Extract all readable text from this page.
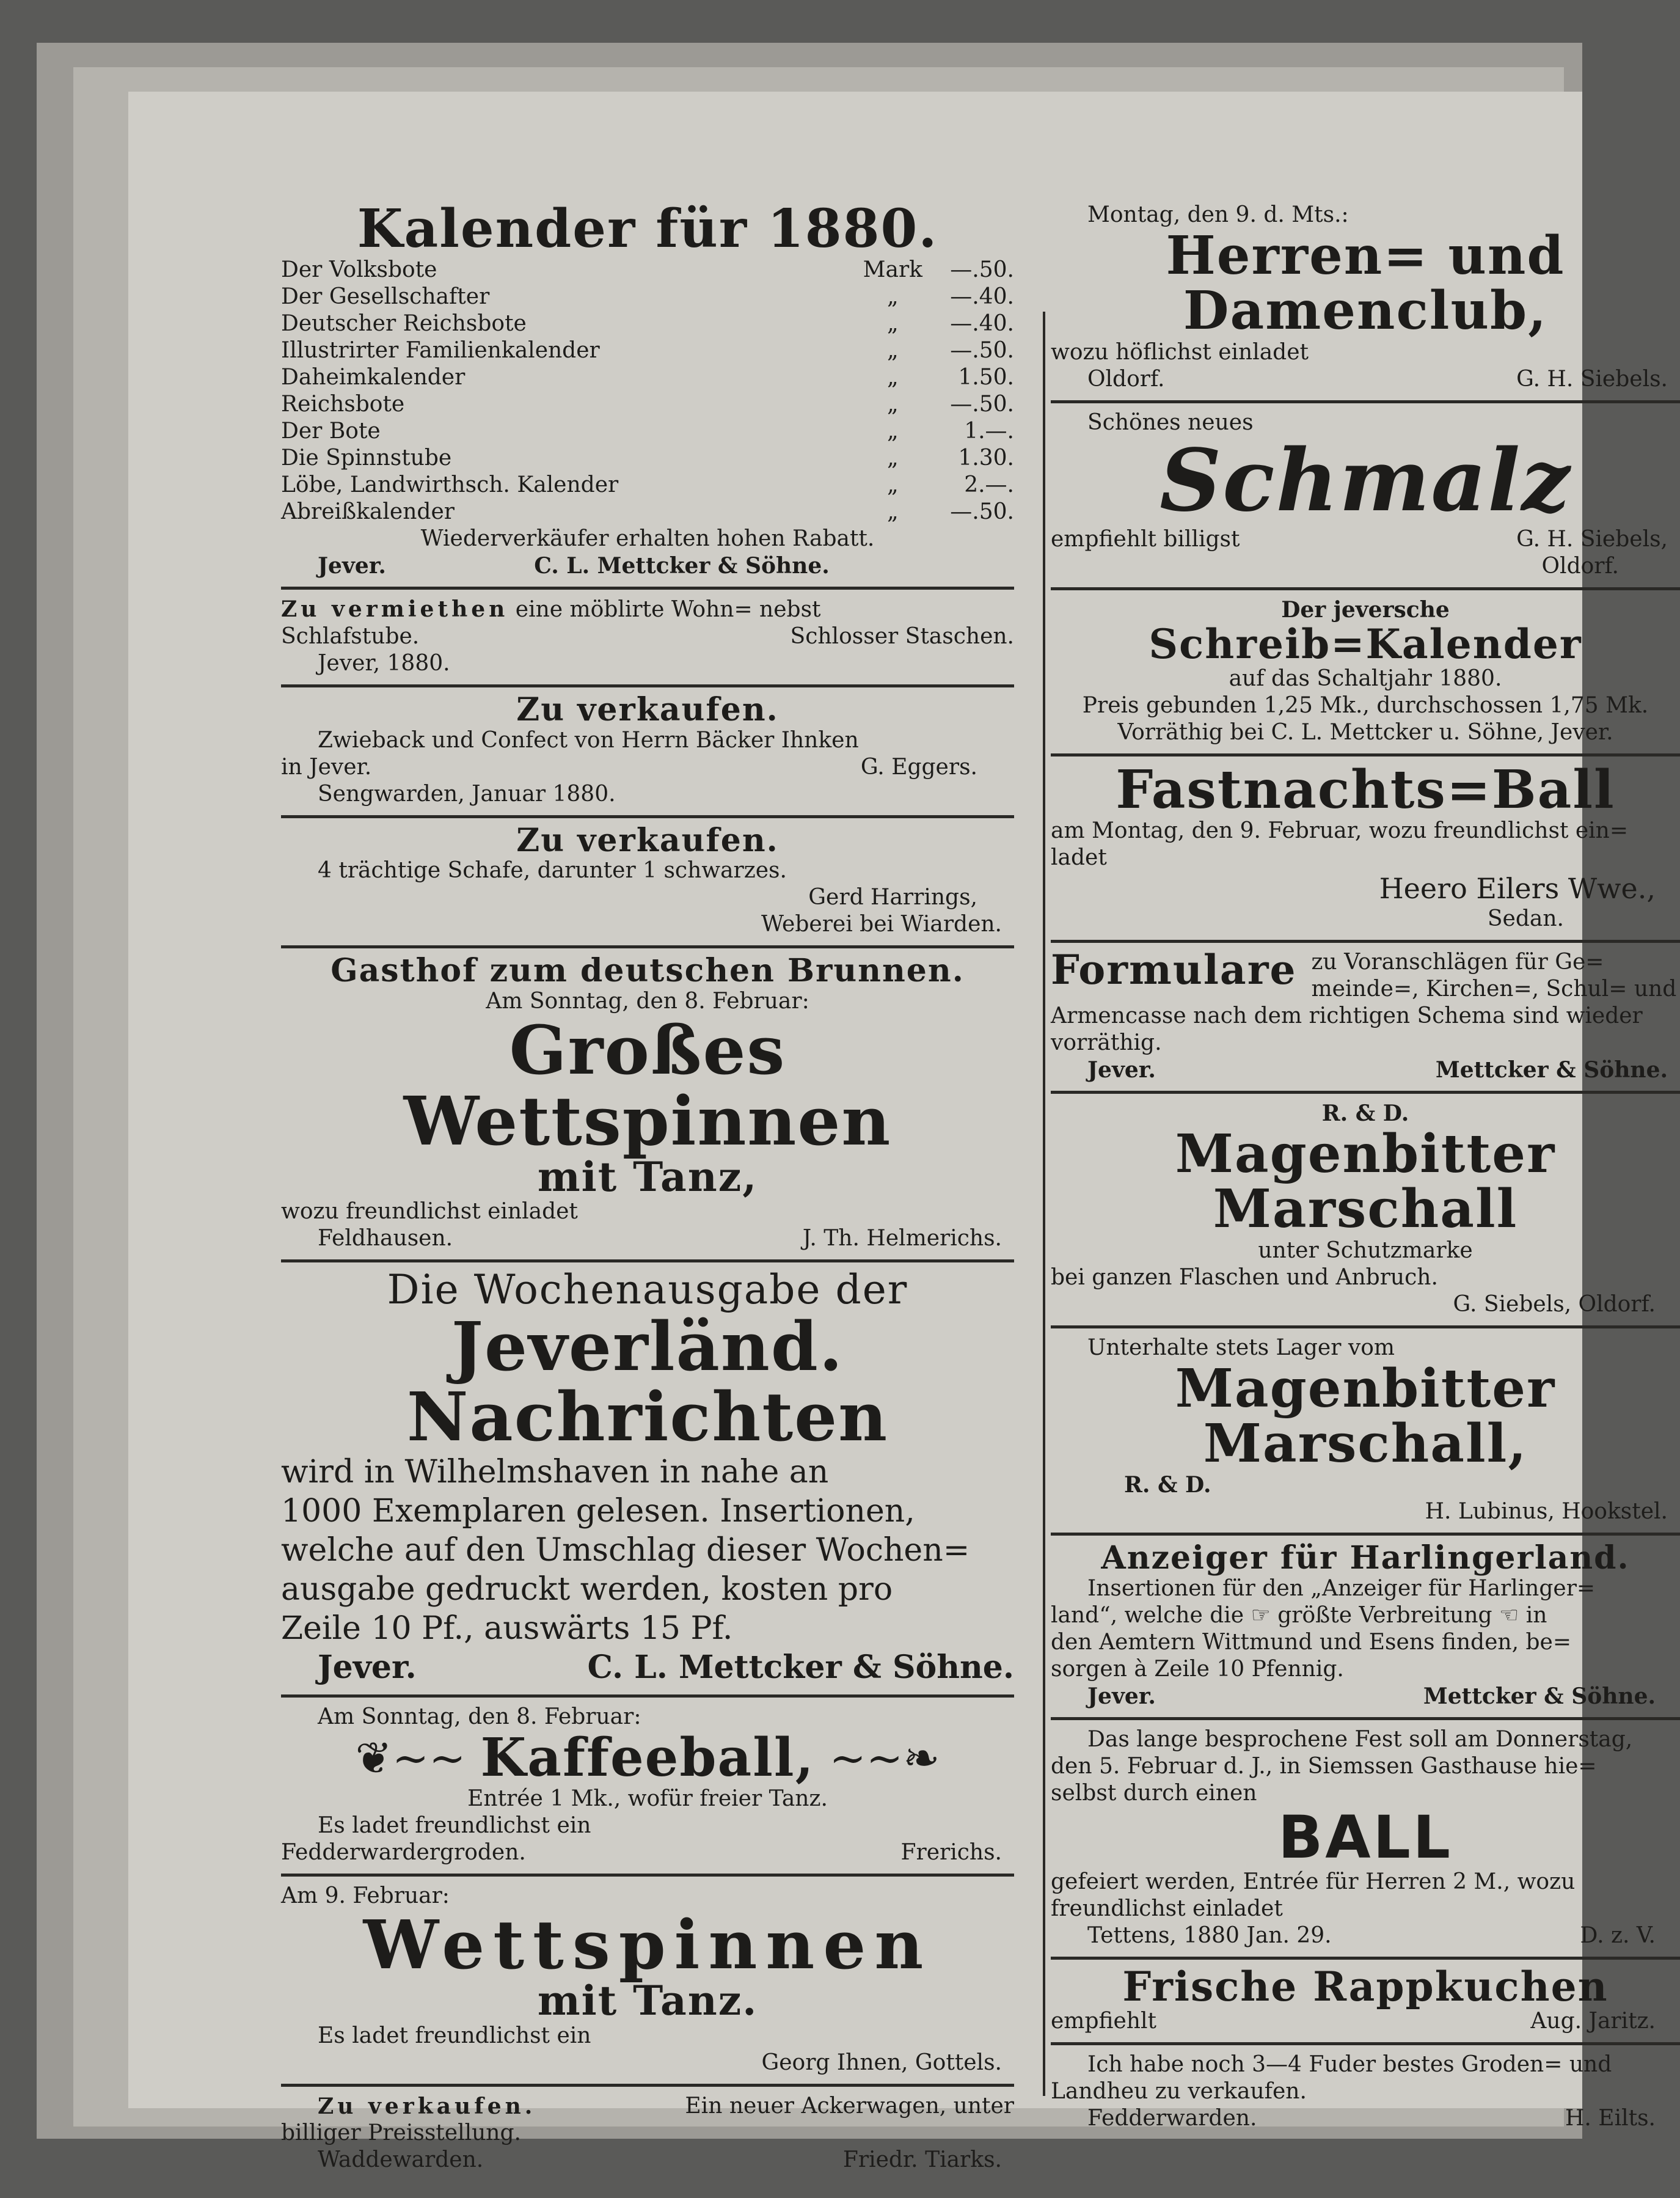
Kalender für 1880.
Der Volksbote	Mark	—.50.
Der Gesellschafter	„	—.40.
Deutscher Reichsbote	„	—.40.
Illustrirter Familienkalender	„	—.50.
Daheimkalender	„	1.50.
Reichsbote	„	—.50.
Der Bote	„	1.—.
Die Spinnstube	„	1.30.
Löbe, Landwirthsch. Kalender	„	2.—.
Abreißkalender	„	—.50.
Wiederverkäufer erhalten hohen Rabatt.
Jever.	C. L. Mettcker & Söhne.
Zu vermiethen eine möblirte Wohn= nebst
Schlafstube.	Schlosser Staschen.
Jever, 1880.
Zu verkaufen.
Zwieback und Confect von Herrn Bäcker Ihnken
in Jever.	G. Eggers.
Sengwarden, Januar 1880.
Zu verkaufen.
4 trächtige Schafe, darunter 1 schwarzes.
Gerd Harrings,
Weberei bei Wiarden.
Gasthof zum deutschen Brunnen.
Am Sonntag, den 8. Februar:
Großes Wettspinnen
mit Tanz,
wozu freundlichst einladet
Feldhausen.	J. Th. Helmerichs.
Die Wochenausgabe der
Jeverländ. Nachrichten
wird in Wilhelmshaven in nahe an
1000 Exemplaren gelesen. Insertionen,
welche auf den Umschlag dieser Wochen=
ausgabe gedruckt werden, kosten pro
Zeile 10 Pf., auswärts 15 Pf.
Jever.	C. L. Mettcker & Söhne.
Am Sonntag, den 8. Februar:
❦~~ Kaffeeball, ~~❧
Entrée 1 Mk., wofür freier Tanz.
Es ladet freundlichst ein
Fedderwardergroden.	Frerichs.
Am 9. Februar:
Wettspinnen
mit Tanz.
Es ladet freundlichst ein
Georg Ihnen, Gottels.
Zu verkaufen.	Ein neuer Ackerwagen, unter
billiger Preisstellung.
Waddewarden.	Friedr. Tiarks.
Montag, den 9. d. Mts.:
Herren= und Damenclub,
wozu höflichst einladet
Oldorf.	G. H. Siebels.
Schönes neues
Schmalz
empfiehlt billigst	G. H. Siebels,
Oldorf.
Der jeversche
Schreib=Kalender
auf das Schaltjahr 1880.
Preis gebunden 1,25 Mk., durchschossen 1,75 Mk.
Vorräthig bei C. L. Mettcker u. Söhne, Jever.
Fastnachts=Ball
am Montag, den 9. Februar, wozu freundlichst ein=
ladet
Heero Eilers Wwe.,
Sedan.
Formulare zu Voranschlägen für Ge=
meinde=, Kirchen=, Schul= und
Armencasse nach dem richtigen Schema sind wieder
vorräthig.
Jever.	Mettcker & Söhne.
R. & D.
Magenbitter Marschall
unter Schutzmarke
bei ganzen Flaschen und Anbruch.
G. Siebels, Oldorf.
Unterhalte stets Lager vom
Magenbitter Marschall,
R. & D.
H. Lubinus, Hookstel.
Anzeiger für Harlingerland.
Insertionen für den „Anzeiger für Harlinger=
land“, welche die ☞ größte Verbreitung ☜ in
den Aemtern Wittmund und Esens finden, be=
sorgen à Zeile 10 Pfennig.
Jever.	Mettcker & Söhne.
Das lange besprochene Fest soll am Donnerstag,
den 5. Februar d. J., in Siemssen Gasthause hie=
selbst durch einen
BALL
gefeiert werden, Entrée für Herren 2 M., wozu
freundlichst einladet
Tettens, 1880 Jan. 29.	D. z. V.
Frische Rappkuchen
empfiehlt	Aug. Jaritz.
Ich habe noch 3—4 Fuder bestes Groden= und
Landheu zu verkaufen.
Fedderwarden.	H. Eilts.
